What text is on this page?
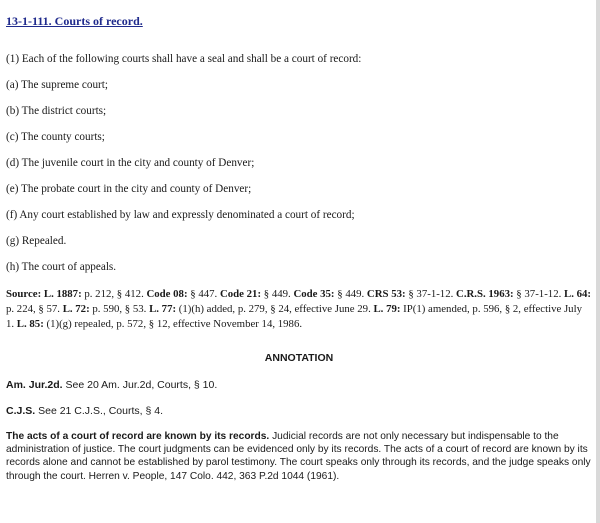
13-1-111. Courts of record.
(1) Each of the following courts shall have a seal and shall be a court of record:
(a) The supreme court;
(b) The district courts;
(c) The county courts;
(d) The juvenile court in the city and county of Denver;
(e) The probate court in the city and county of Denver;
(f) Any court established by law and expressly denominated a court of record;
(g) Repealed.
(h) The court of appeals.
Source: L. 1887: p. 212, § 412. Code 08: § 447. Code 21: § 449. Code 35: § 449. CRS 53: § 37-1-12. C.R.S. 1963: § 37-1-12. L. 64: p. 224, § 57. L. 72: p. 590, § 53. L. 77: (1)(h) added, p. 279, § 24, effective June 29. L. 79: IP(1) amended, p. 596, § 2, effective July 1. L. 85: (1)(g) repealed, p. 572, § 12, effective November 14, 1986.
ANNOTATION
Am. Jur.2d. See 20 Am. Jur.2d, Courts, § 10.
C.J.S. See 21 C.J.S., Courts, § 4.
The acts of a court of record are known by its records. Judicial records are not only necessary but indispensable to the administration of justice. The court judgments can be evidenced only by its records. The acts of a court of record are known by its records alone and cannot be established by parol testimony. The court speaks only through its records, and the judge speaks only through the court. Herren v. People, 147 Colo. 442, 363 P.2d 1044 (1961).
